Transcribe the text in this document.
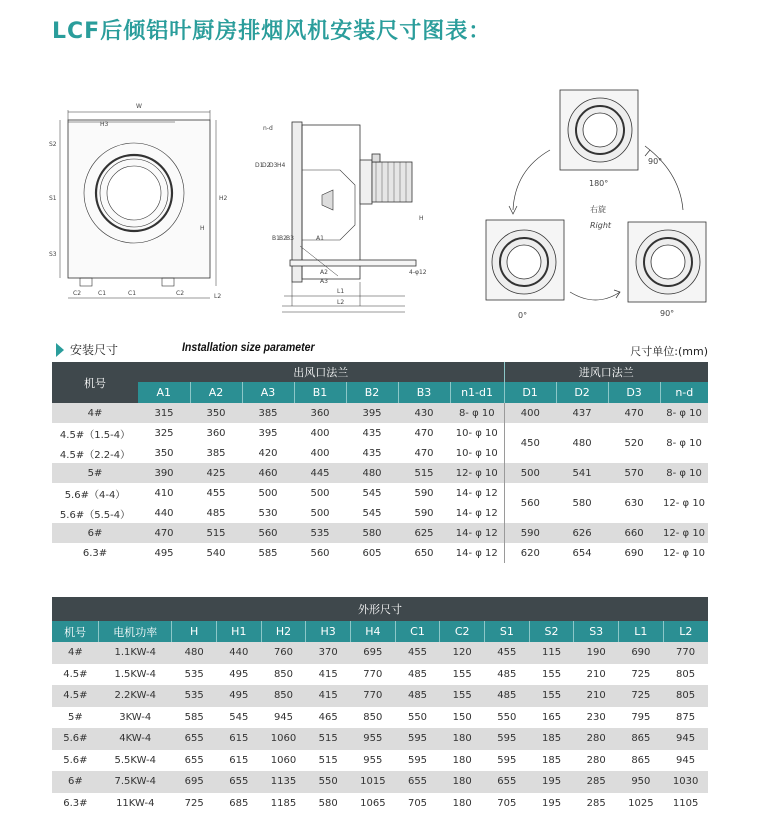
LCF后倾铝叶厨房排烟风机安装尺寸图表：
W
H3
S2
S1
S3
H2
H
C1	C1
C2	L2
C2
n-d
D1
D2
D3 H4
B1 B2 B3	A1
A2
A3
L1
L2
4-φ12
H
180°
右旋
Right
90°
0°	90°
安装尺寸	Installation size parameter	尺寸单位:(mm)
机号	出风口法兰							进风口法兰			
	A1	A2	A3	B1	B2	B3	n1-d1	D1	D2	D3	n-d
4#	315	350	385	360	395	430	8- φ 10	400	437	470	8- φ 10
4.5#（1.5-4）	325	360	395	400	435	470	10- φ 10	450	480	520	8- φ 10
4.5#（2.2-4）	350	385	420	400	435	470	10- φ 10				
5#	390	425	460	445	480	515	12- φ 10	500	541	570	8- φ 10
5.6#（4-4）	410	455	500	500	545	590	14- φ 12	560	580	630	12- φ 10
5.6#（5.5-4）	440	485	530	500	545	590	14- φ 12				
6#	470	515	560	535	580	625	14- φ 12	590	626	660	12- φ 10
6.3#	495	540	585	560	605	650	14- φ 12	620	654	690	12- φ 10
外形尺寸													
机号	电机功率	H	H1	H2	H3	H4	C1	C2	S1	S2	S3	L1	L2
4#	1.1KW-4	480	440	760	370	695	455	120	455	115	190	690	770
4.5#	1.5KW-4	535	495	850	415	770	485	155	485	155	210	725	805
4.5#	2.2KW-4	535	495	850	415	770	485	155	485	155	210	725	805
5#	3KW-4	585	545	945	465	850	550	150	550	165	230	795	875
5.6#	4KW-4	655	615	1060	515	955	595	180	595	185	280	865	945
5.6#	5.5KW-4	655	615	1060	515	955	595	180	595	185	280	865	945
6#	7.5KW-4	695	655	1135	550	1015	655	180	655	195	285	950	1030
6.3#	11KW-4	725	685	1185	580	1065	705	180	705	195	285	1025	1105
